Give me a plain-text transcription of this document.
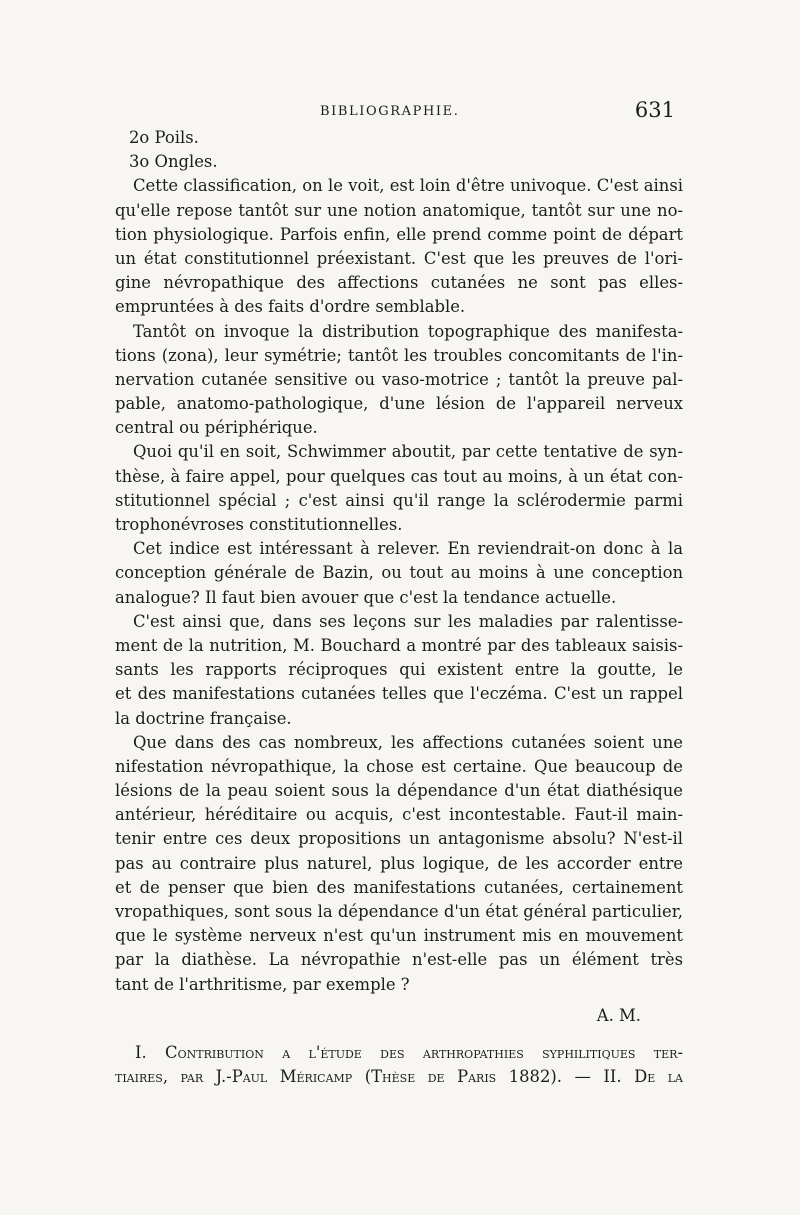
BIBLIOGRAPHIE.	631
2o Poils.
3o Ongles.
Cette classification, on le voit, est loin d'être univoque. C'est ainsi
qu'elle repose tantôt sur une notion anatomique, tantôt sur une no-
tion physiologique. Parfois enfin, elle prend comme point de départ
un état constitutionnel préexistant. C'est que les preuves de l'ori-
gine névropathique des affections cutanées ne sont pas elles-
empruntées à des faits d'ordre semblable.
Tantôt on invoque la distribution topographique des manifesta-
tions (zona), leur symétrie; tantôt les troubles concomitants de l'in-
nervation cutanée sensitive ou vaso-motrice ; tantôt la preuve pal-
pable, anatomo-pathologique, d'une lésion de l'appareil nerveux
central ou périphérique.
Quoi qu'il en soit, Schwimmer aboutit, par cette tentative de syn-
thèse, à faire appel, pour quelques cas tout au moins, à un état con-
stitutionnel spécial ; c'est ainsi qu'il range la sclérodermie parmi
trophonévroses constitutionnelles.
Cet indice est intéressant à relever. En reviendrait-on donc à la
conception générale de Bazin, ou tout au moins à une conception
analogue? Il faut bien avouer que c'est la tendance actuelle.
C'est ainsi que, dans ses leçons sur les maladies par ralentisse-
ment de la nutrition, M. Bouchard a montré par des tableaux saisis-
sants les rapports réciproques qui existent entre la goutte, le
et des manifestations cutanées telles que l'eczéma. C'est un rappel
la doctrine française.
Que dans des cas nombreux, les affections cutanées soient une
nifestation névropathique, la chose est certaine. Que beaucoup de
lésions de la peau soient sous la dépendance d'un état diathésique
antérieur, héréditaire ou acquis, c'est incontestable. Faut-il main-
tenir entre ces deux propositions un antagonisme absolu? N'est-il
pas au contraire plus naturel, plus logique, de les accorder entre
et de penser que bien des manifestations cutanées, certainement
vropathiques, sont sous la dépendance d'un état général particulier,
que le système nerveux n'est qu'un instrument mis en mouvement
par la diathèse. La névropathie n'est-elle pas un élément très
tant de l'arthritisme, par exemple ?
A. M.
I. Contribution a l'étude des arthropathies syphilitiques ter-
tiaires, par J.-Paul Méricamp (Thèse de Paris 1882). — II. De la
